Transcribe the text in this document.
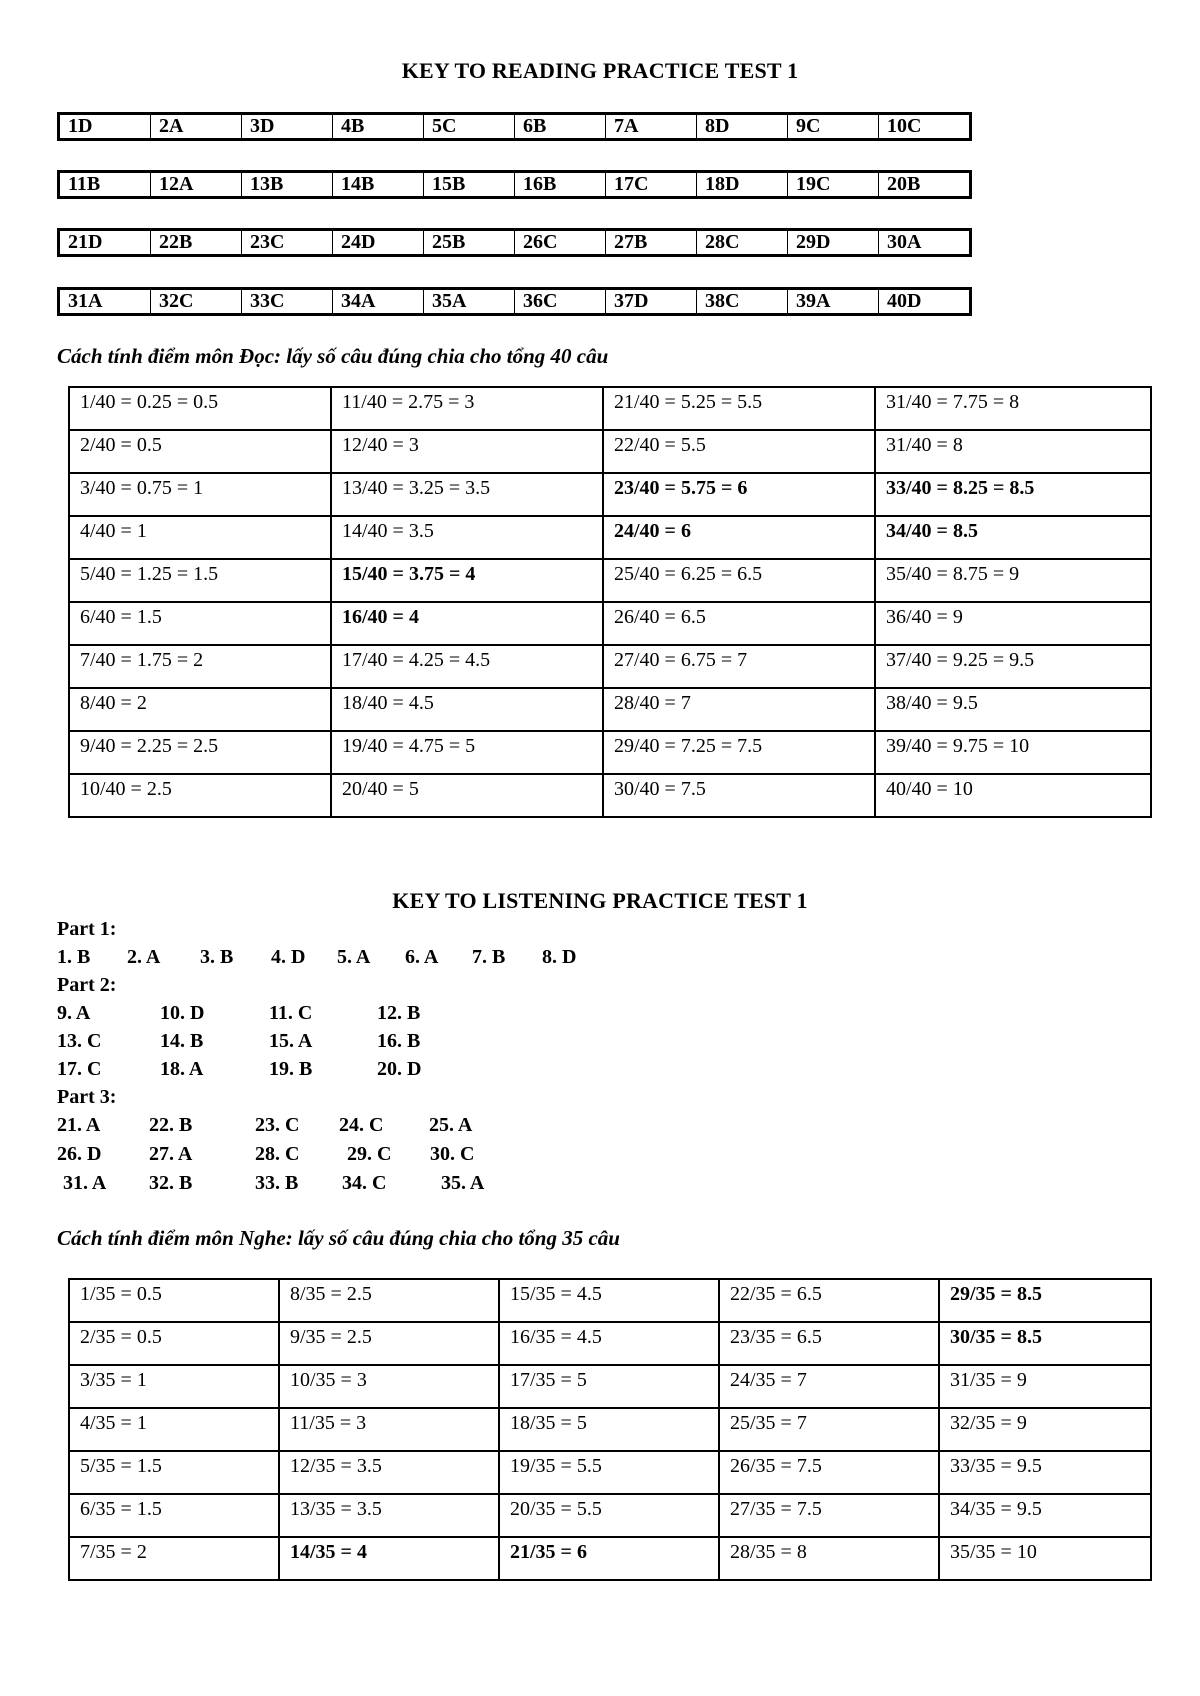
KEY TO READING PRACTICE TEST 1
1D	2A	3D	4B	5C	6B	7A	8D	9C	10C
11B	12A	13B	14B	15B	16B	17C	18D	19C	20B
21D	22B	23C	24D	25B	26C	27B	28C	29D	30A
31A	32C	33C	34A	35A	36C	37D	38C	39A	40D
Cách tính điểm môn Đọc: lấy số câu đúng chia cho tổng 40 câu
1/40 = 0.25 = 0.5	11/40 = 2.75 = 3	21/40 = 5.25 = 5.5	31/40 = 7.75 = 8
2/40 = 0.5	12/40 = 3	22/40 = 5.5	31/40 = 8
3/40 = 0.75 = 1	13/40 = 3.25 = 3.5	23/40 = 5.75 = 6	33/40 = 8.25 = 8.5
4/40 = 1	14/40 = 3.5	24/40 = 6	34/40 = 8.5
5/40 = 1.25 = 1.5	15/40 = 3.75 = 4	25/40 = 6.25 = 6.5	35/40 = 8.75 = 9
6/40 = 1.5	16/40 = 4	26/40 = 6.5	36/40 = 9
7/40 = 1.75 = 2	17/40 = 4.25 = 4.5	27/40 = 6.75 = 7	37/40 = 9.25 = 9.5
8/40 = 2	18/40 = 4.5	28/40 = 7	38/40 = 9.5
9/40 = 2.25 = 2.5	19/40 = 4.75 = 5	29/40 = 7.25 = 7.5	39/40 = 9.75 = 10
10/40 = 2.5	20/40 = 5	30/40 = 7.5	40/40 = 10
KEY TO LISTENING PRACTICE TEST 1
Part 1:
1. B 2. A 3. B 4. D 5. A 6. A 7. B 8. D
Part 2:
9. A	10. D	11. C	12. B
13. C	14. B	15. A	16. B
17. C	18. A	19. B	20. D
Part 3:
21. A 22. B	23. C 24. C 25. A
26. D 27. A	28. C 29. C 30. C
31. A 32. B	33. B 34. C	35. A
Cách tính điểm môn Nghe: lấy số câu đúng chia cho tổng 35 câu
1/35 = 0.5	8/35 = 2.5	15/35 = 4.5	22/35 = 6.5	29/35 = 8.5
2/35 = 0.5	9/35 = 2.5	16/35 = 4.5	23/35 = 6.5	30/35 = 8.5
3/35 = 1	10/35 = 3	17/35 = 5	24/35 = 7	31/35 = 9
4/35 = 1	11/35 = 3	18/35 = 5	25/35 = 7	32/35 = 9
5/35 = 1.5	12/35 = 3.5	19/35 = 5.5	26/35 = 7.5	33/35 = 9.5
6/35 = 1.5	13/35 = 3.5	20/35 = 5.5	27/35 = 7.5	34/35 = 9.5
7/35 = 2	14/35 = 4	21/35 = 6	28/35 = 8	35/35 = 10
